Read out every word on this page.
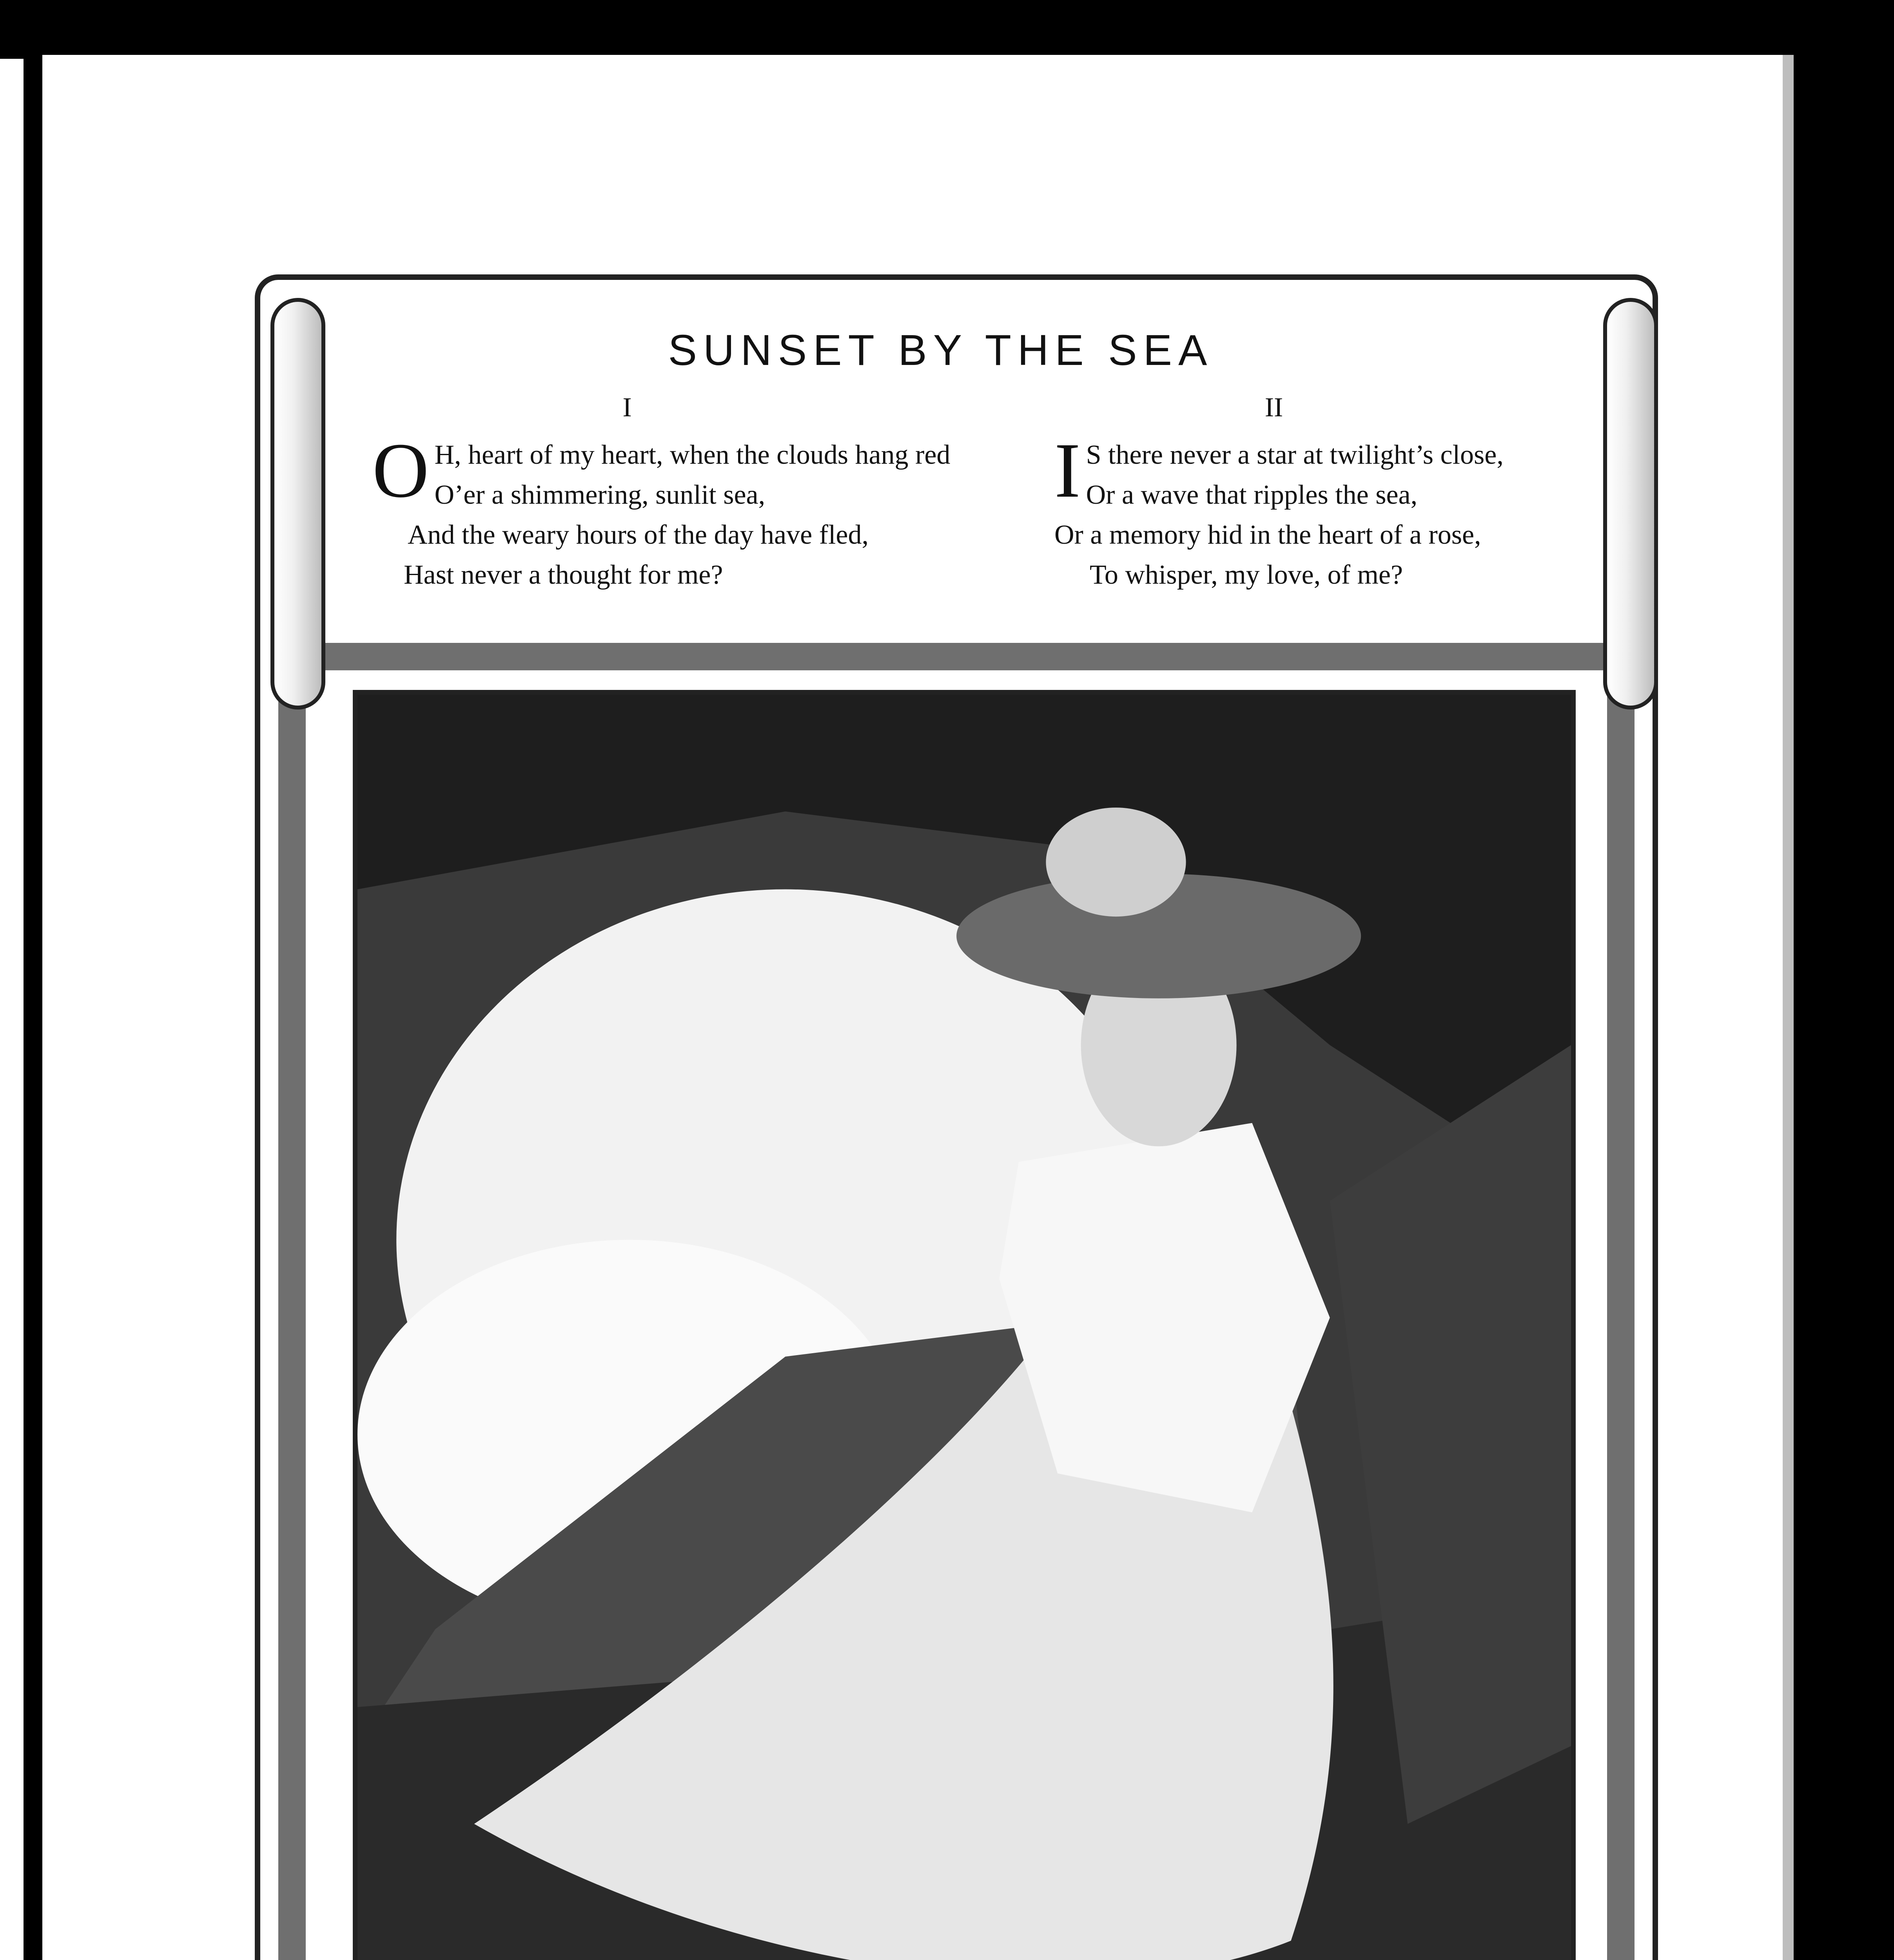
SUNSET BY THE SEA
I
O H, heart of my heart, when the clouds hang red
O’er a shimmering, sunlit sea,
And the weary hours of the day have fled,
Hast never a thought for me?
II
I S there never a star at twilight’s close,
Or a wave that ripples the sea,
Or a memory hid in the heart of a rose,
To whisper, my love, of me?
